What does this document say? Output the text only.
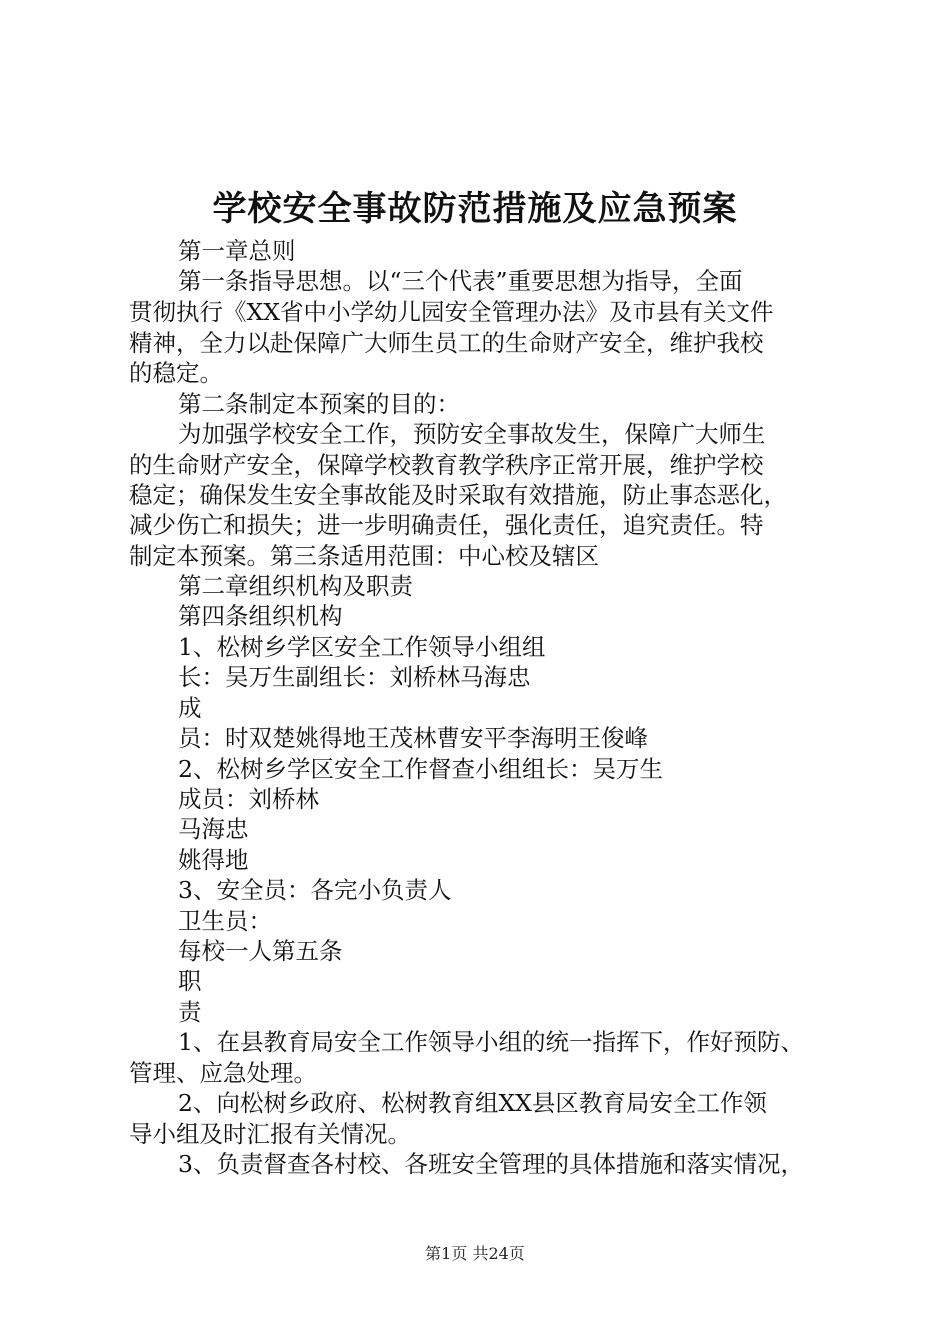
学校安全事故防范措施及应急预案
第一章总则
第一条指导思想。以“三个代表”重要思想为指导，全面
贯彻执行《XX省中小学幼儿园安全管理办法》及市县有关文件
精神，全力以赴保障广大师生员工的生命财产安全，维护我校
的稳定。
第二条制定本预案的目的：
为加强学校安全工作，预防安全事故发生，保障广大师生
的生命财产安全，保障学校教育教学秩序正常开展，维护学校
稳定；确保发生安全事故能及时采取有效措施，防止事态恶化，
减少伤亡和损失；进一步明确责任，强化责任，追究责任。特
制定本预案。第三条适用范围：中心校及辖区
第二章组织机构及职责
第四条组织机构
1、松树乡学区安全工作领导小组组
长：吴万生副组长：刘桥林马海忠
成
员：时双楚姚得地王茂林曹安平李海明王俊峰
2、松树乡学区安全工作督查小组组长：吴万生
成员：刘桥林
马海忠
姚得地
3、安全员：各完小负责人
卫生员：
每校一人第五条
职
责
1、在县教育局安全工作领导小组的统一指挥下，作好预防、
管理、应急处理。
2、向松树乡政府、松树教育组XX县区教育局安全工作领
导小组及时汇报有关情况。
3、负责督查各村校、各班安全管理的具体措施和落实情况，
第1页 共24页
